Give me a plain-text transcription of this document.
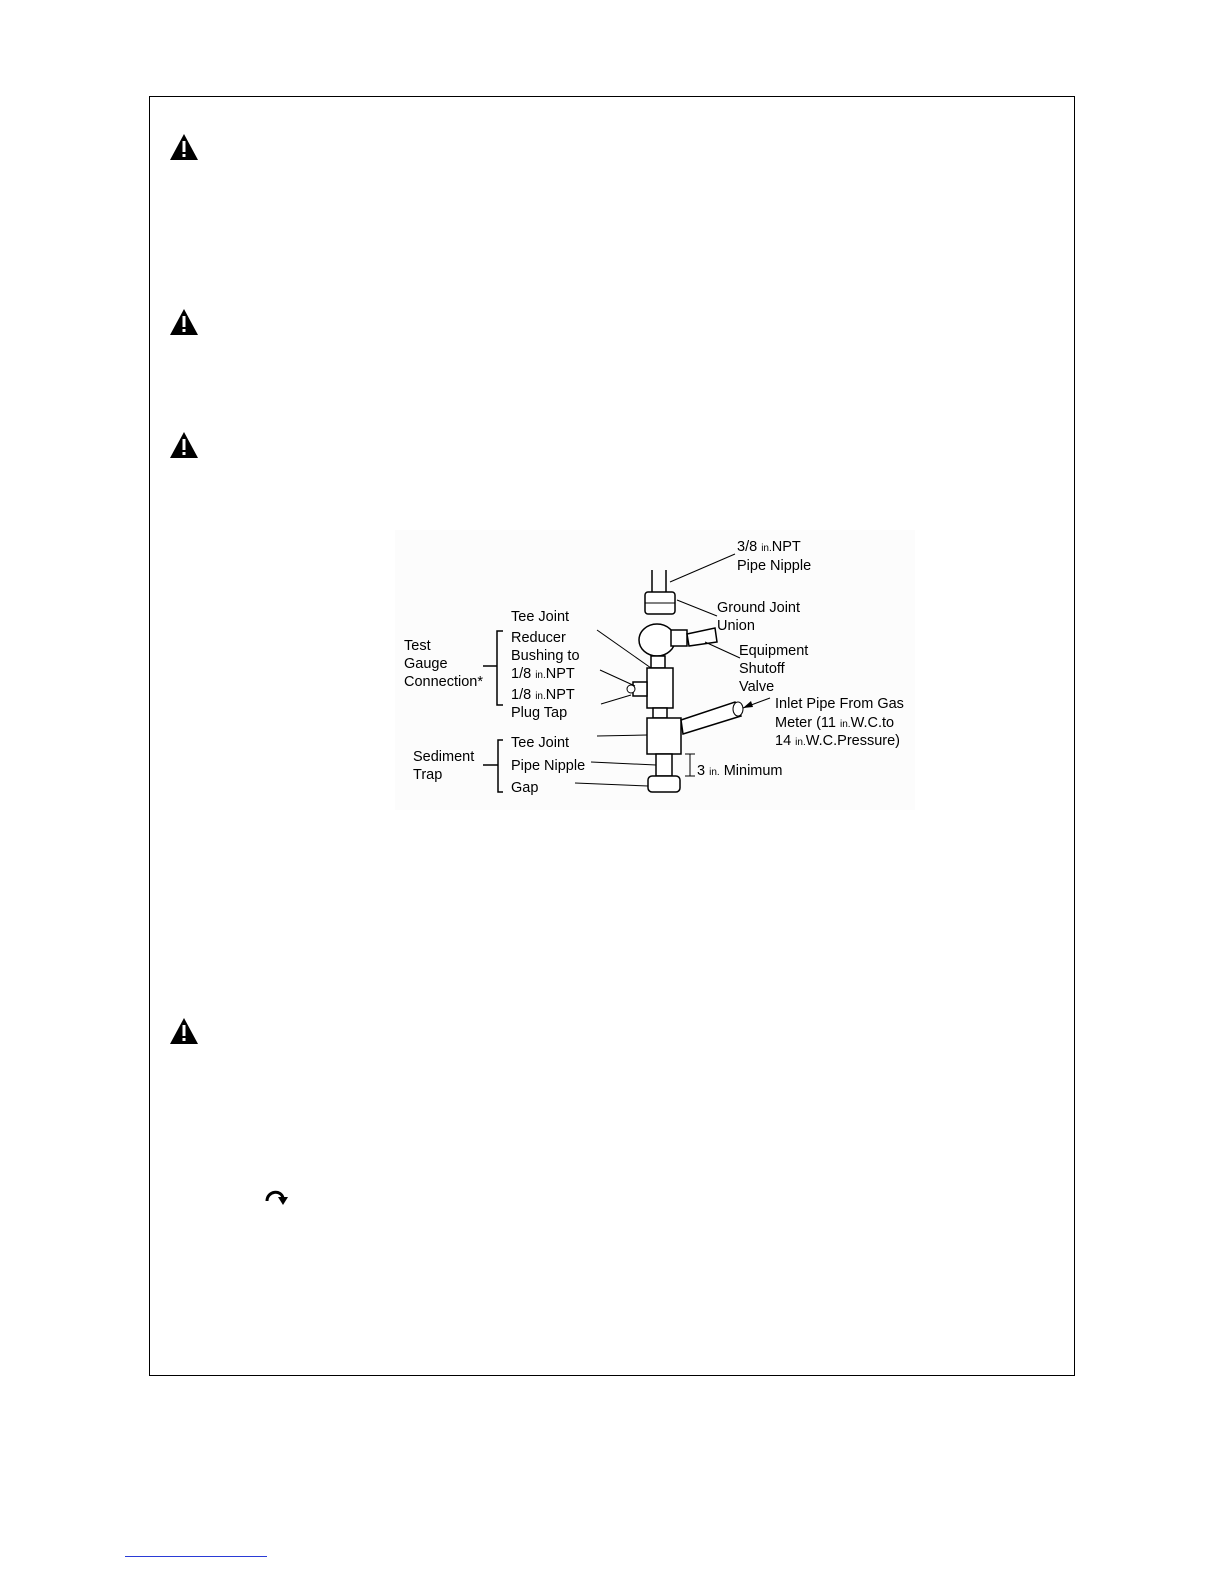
3/8 in.NPT
Pipe Nipple
Ground Joint
Union
Equipment
Shutoff
Valve
Inlet Pipe From Gas
Meter (11 in.W.C.to
14 in.W.C.Pressure)
3 in. Minimum
Test
Gauge
Connection*
Tee Joint
Reducer
Bushing to
1/8 in.NPT
1/8 in.NPT
Plug Tap
Sediment
Trap
Tee Joint
Pipe Nipple
Gap
